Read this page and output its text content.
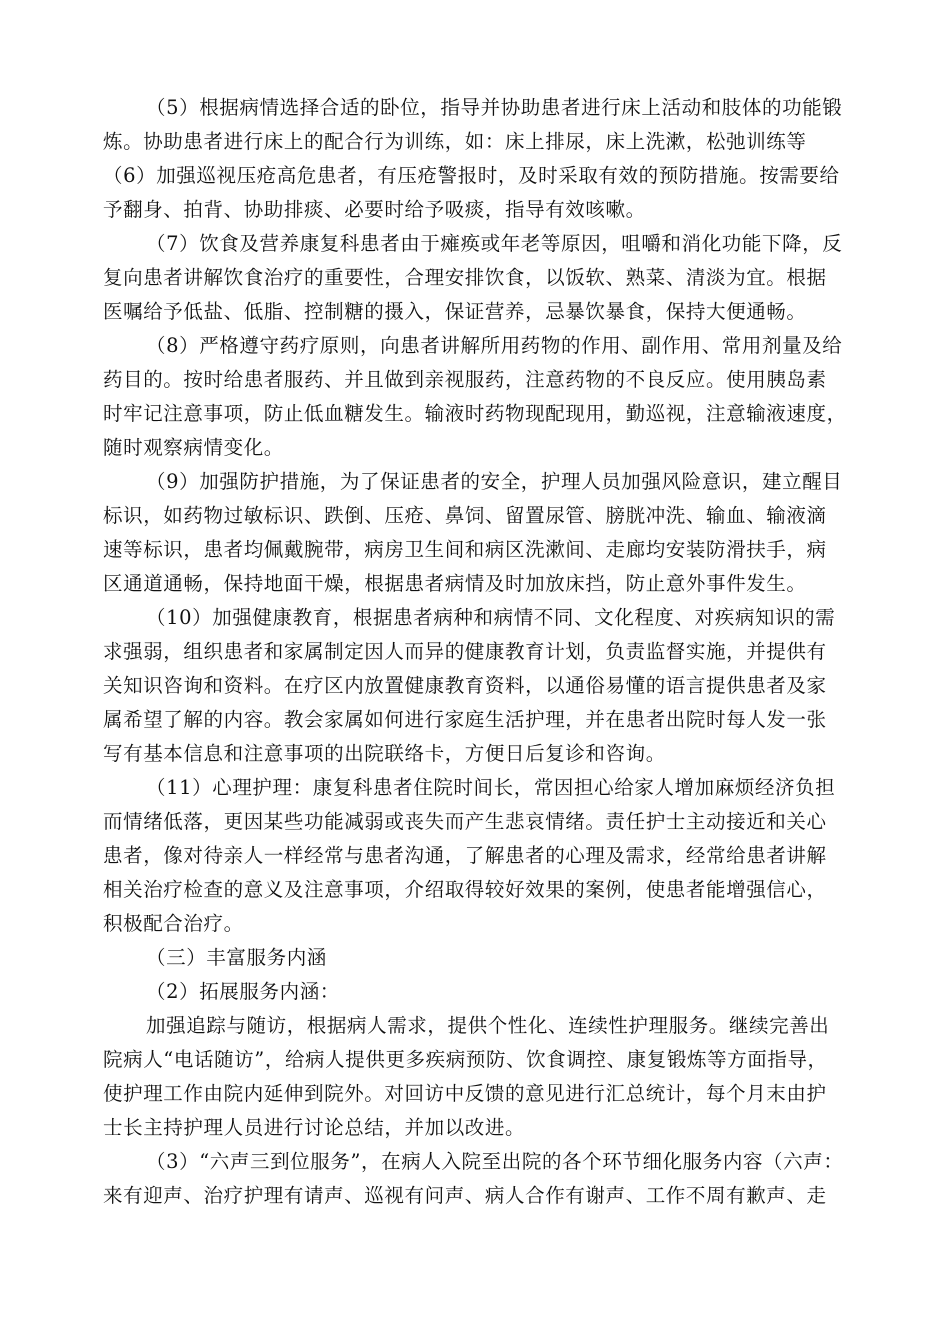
（5）根据病情选择合适的卧位，指导并协助患者进行床上活动和肢体的功能锻
炼。协助患者进行床上的配合行为训练，如：床上排尿，床上洗漱，松弛训练等
（6）加强巡视压疮高危患者，有压疮警报时，及时采取有效的预防措施。按需要给
予翻身、拍背、协助排痰、必要时给予吸痰，指导有效咳嗽。
（7）饮食及营养康复科患者由于瘫痪或年老等原因，咀嚼和消化功能下降，反
复向患者讲解饮食治疗的重要性，合理安排饮食，以饭软、熟菜、清淡为宜。根据
医嘱给予低盐、低脂、控制糖的摄入，保证营养，忌暴饮暴食，保持大便通畅。
（8）严格遵守药疗原则，向患者讲解所用药物的作用、副作用、常用剂量及给
药目的。按时给患者服药、并且做到亲视服药，注意药物的不良反应。使用胰岛素
时牢记注意事项，防止低血糖发生。输液时药物现配现用，勤巡视，注意输液速度，
随时观察病情变化。
（9）加强防护措施，为了保证患者的安全，护理人员加强风险意识，建立醒目
标识，如药物过敏标识、跌倒、压疮、鼻饲、留置尿管、膀胱冲洗、输血、输液滴
速等标识，患者均佩戴腕带，病房卫生间和病区洗漱间、走廊均安装防滑扶手，病
区通道通畅，保持地面干燥，根据患者病情及时加放床挡，防止意外事件发生。
（10）加强健康教育，根据患者病种和病情不同、文化程度、对疾病知识的需
求强弱，组织患者和家属制定因人而异的健康教育计划，负责监督实施，并提供有
关知识咨询和资料。在疗区内放置健康教育资料，以通俗易懂的语言提供患者及家
属希望了解的内容。教会家属如何进行家庭生活护理，并在患者出院时每人发一张
写有基本信息和注意事项的出院联络卡，方便日后复诊和咨询。
（11）心理护理：康复科患者住院时间长，常因担心给家人增加麻烦经济负担
而情绪低落，更因某些功能减弱或丧失而产生悲哀情绪。责任护士主动接近和关心
患者，像对待亲人一样经常与患者沟通，了解患者的心理及需求，经常给患者讲解
相关治疗检查的意义及注意事项，介绍取得较好效果的案例，使患者能增强信心，
积极配合治疗。
（三）丰富服务内涵
（2）拓展服务内涵：
加强追踪与随访，根据病人需求，提供个性化、连续性护理服务。继续完善出
院病人“电话随访”，给病人提供更多疾病预防、饮食调控、康复锻炼等方面指导，
使护理工作由院内延伸到院外。对回访中反馈的意见进行汇总统计，每个月末由护
士长主持护理人员进行讨论总结，并加以改进。
（3）“六声三到位服务”，在病人入院至出院的各个环节细化服务内容（六声：
来有迎声、治疗护理有请声、巡视有问声、病人合作有谢声、工作不周有歉声、走
